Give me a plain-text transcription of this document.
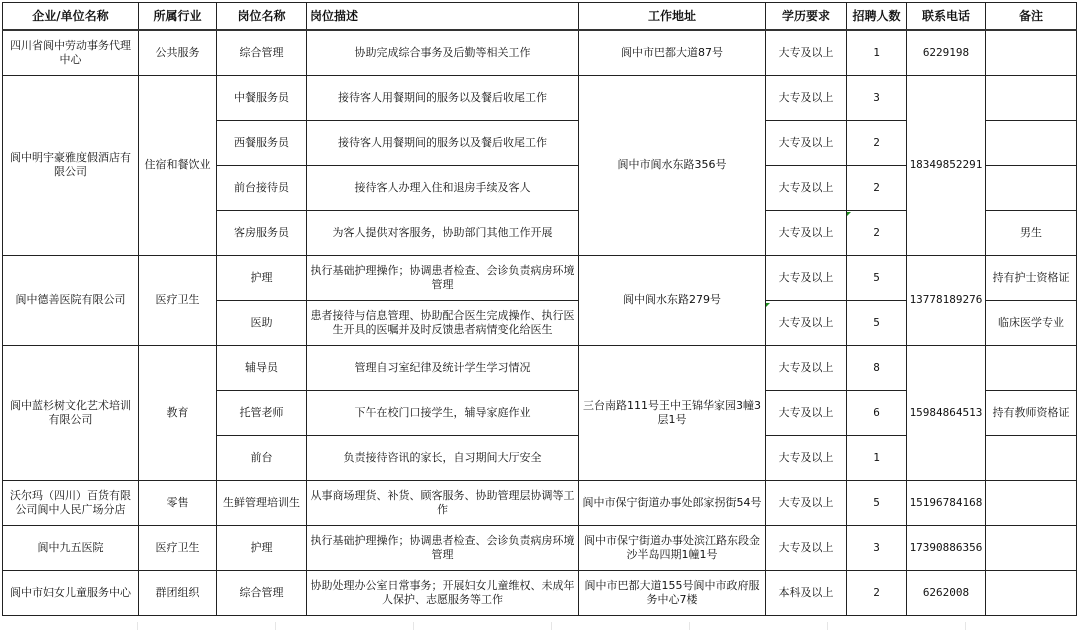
企业/单位名称	所属行业	岗位名称	岗位描述	工作地址	学历要求	招聘人数	联系电话	备注
四川省阆中劳动事务代理中心	公共服务	综合管理	协助完成综合事务及后勤等相关工作	阆中市巴都大道87号	大专及以上	1	6229198	
阆中明宇豪雅度假酒店有限公司	住宿和餐饮业	中餐服务员	接待客人用餐期间的服务以及餐后收尾工作	阆中市阆水东路356号	大专及以上	3	18349852291	
		西餐服务员	接待客人用餐期间的服务以及餐后收尾工作		大专及以上	2		
		前台接待员	接待客人办理入住和退房手续及客人		大专及以上	2		
		客房服务员	为客人提供对客服务，协助部门其他工作开展		大专及以上	2		男生
阆中德善医院有限公司	医疗卫生	护理	执行基础护理操作；协调患者检查、会诊负责病房环境管理	阆中阆水东路279号	大专及以上	5	13778189276	持有护士资格证
		医助	患者接待与信息管理、协助配合医生完成操作、执行医生开具的医嘱并及时反馈患者病情变化给医生		大专及以上	5		临床医学专业
阆中蓝杉树文化艺术培训有限公司	教育	辅导员	管理自习室纪律及统计学生学习情况	三台南路111号王中王锦华家园3幢3层1号	大专及以上	8	15984864513	
		托管老师	下午在校门口接学生，辅导家庭作业		大专及以上	6		持有教师资格证
		前台	负责接待咨讯的家长，自习期间大厅安全		大专及以上	1		
沃尔玛（四川）百货有限公司阆中人民广场分店	零售	生鲜管理培训生	从事商场理货、补货、顾客服务、协助管理层协调等工作	阆中市保宁街道办事处郎家拐街54号	大专及以上	5	15196784168	
阆中九五医院	医疗卫生	护理	执行基础护理操作；协调患者检查、会诊负责病房环境管理	阆中市保宁街道办事处滨江路东段金沙半岛四期1幢1号	大专及以上	3	17390886356	
阆中市妇女儿童服务中心	群团组织	综合管理	协助处理办公室日常事务；开展妇女儿童维权、未成年人保护、志愿服务等工作	阆中市巴都大道155号阆中市政府服务中心7楼	本科及以上	2	6262008	
